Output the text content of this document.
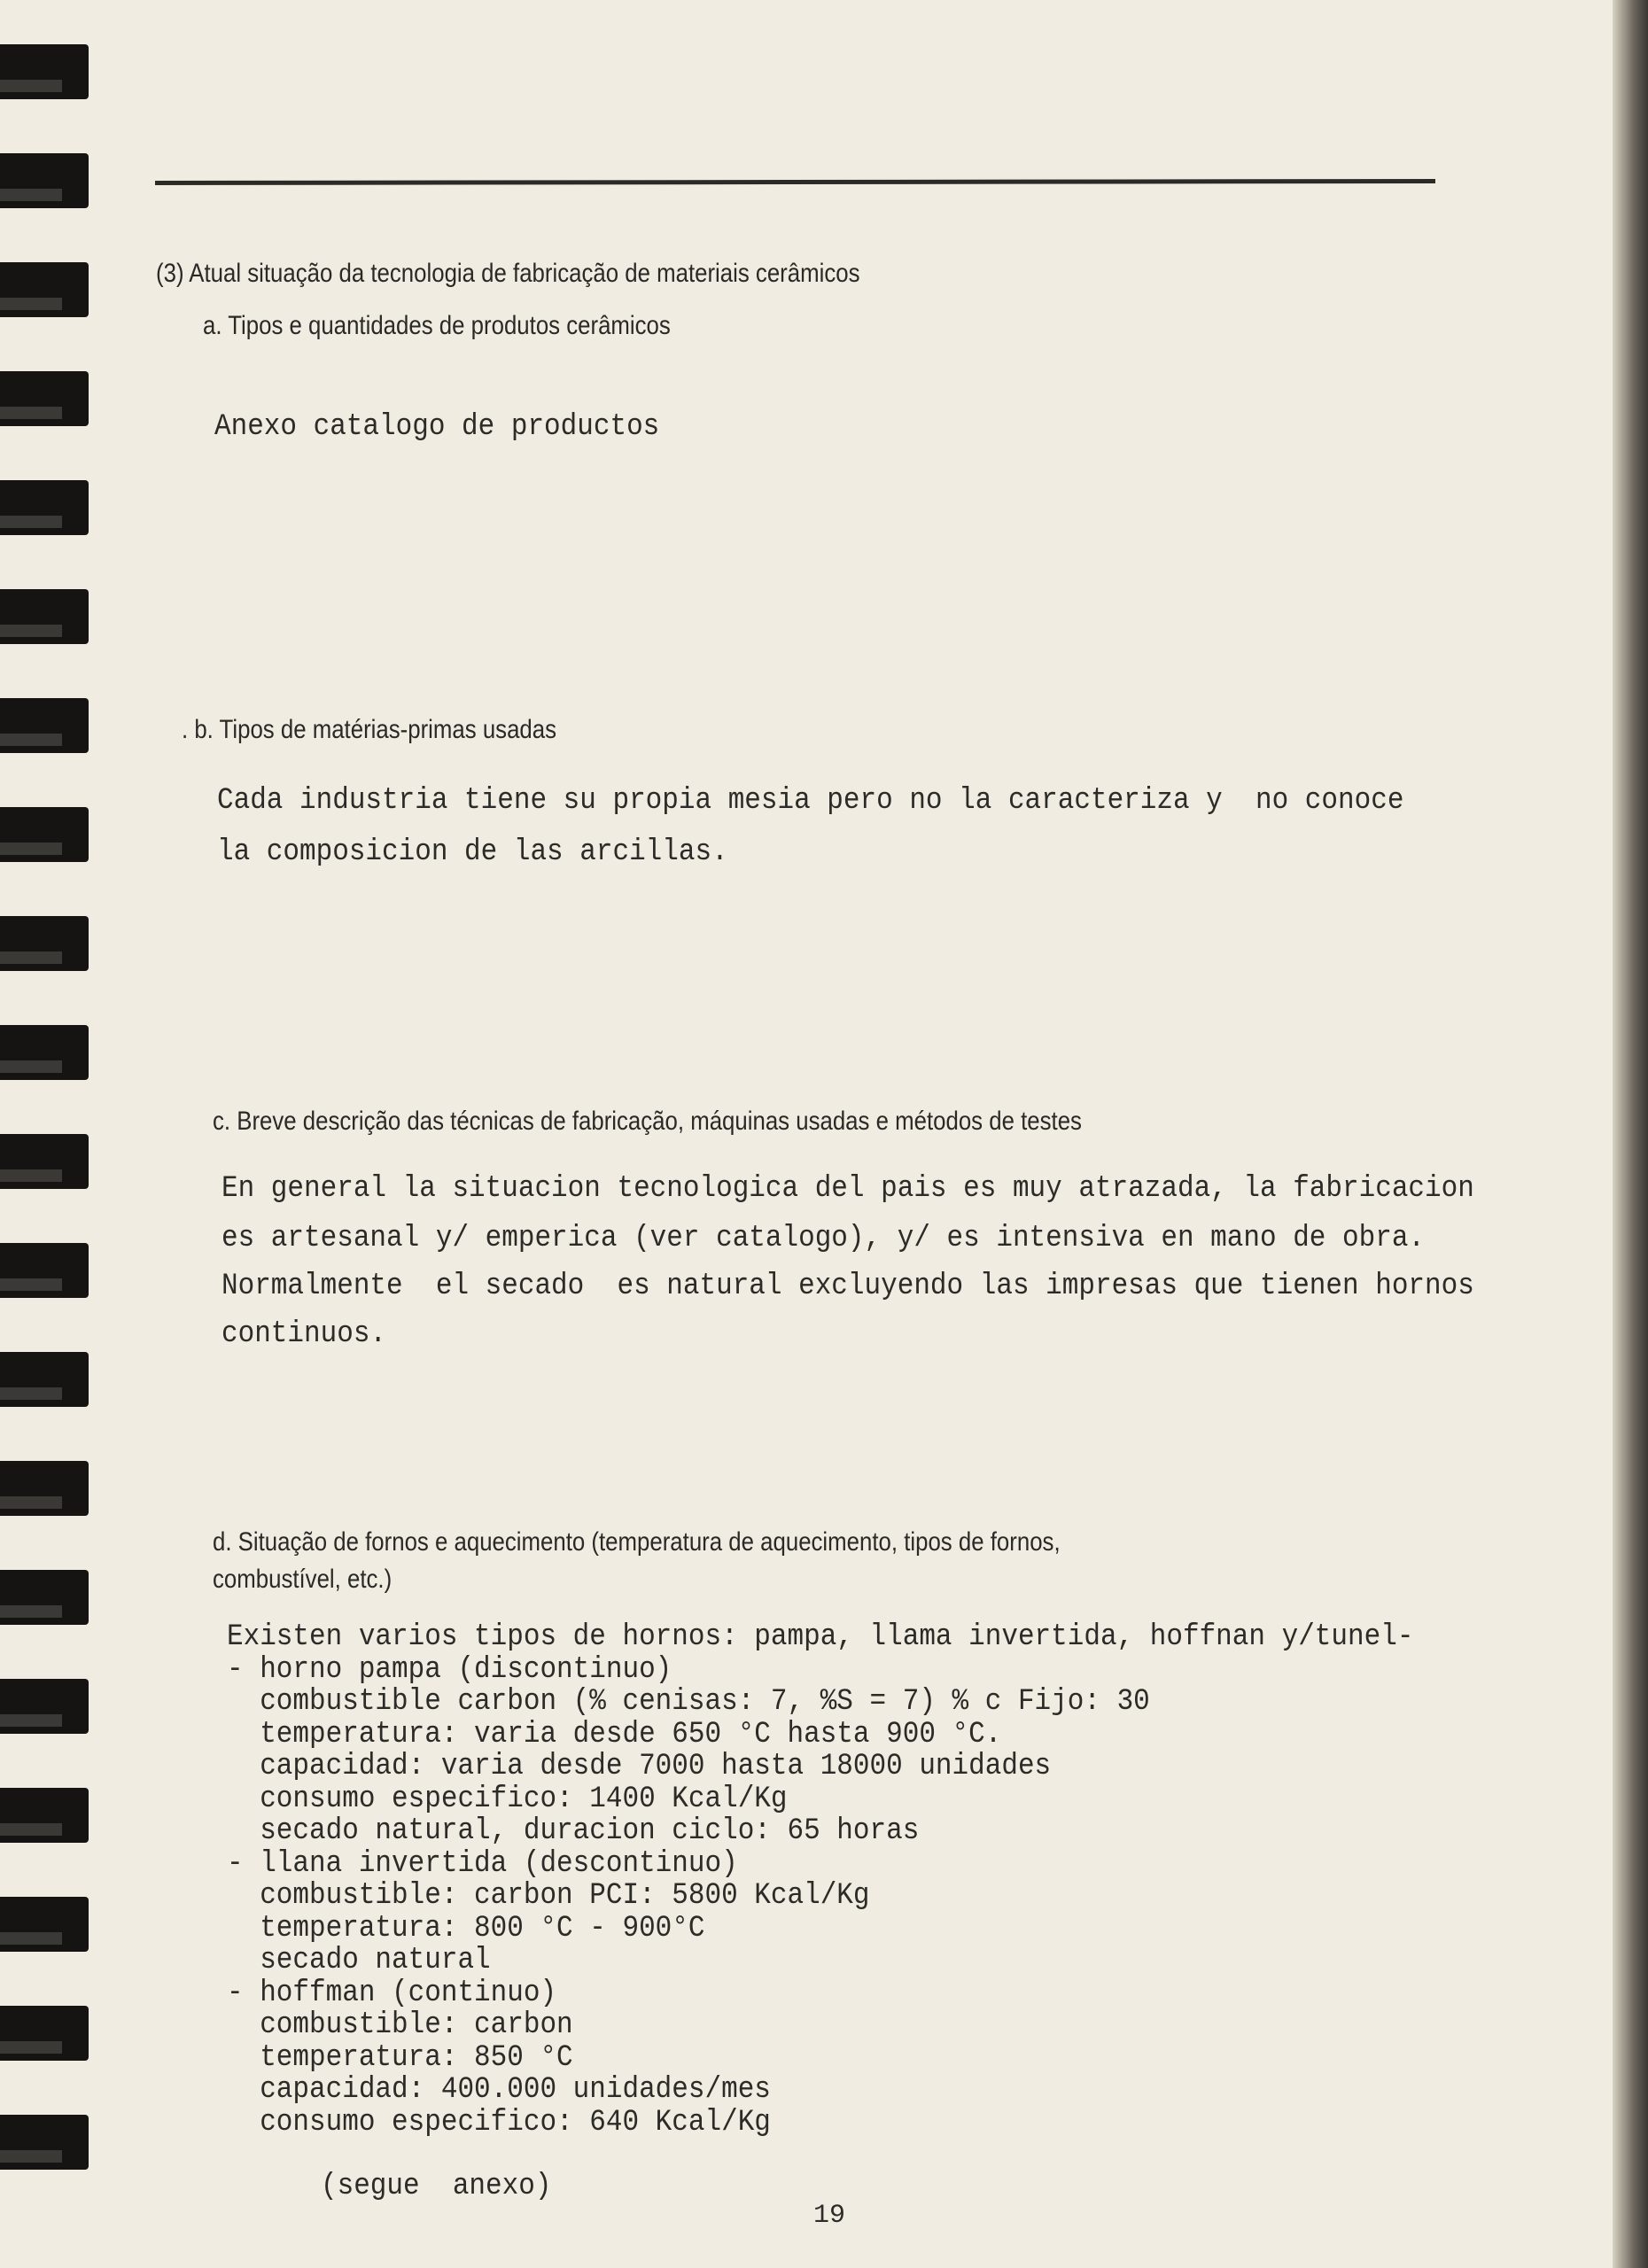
(3) Atual situação da tecnologia de fabricação de materiais cerâmicos
a. Tipos e quantidades de produtos cerâmicos
Anexo catalogo de productos
. b. Tipos de matérias-primas usadas
Cada industria tiene su propia mesia pero no la caracteriza y  no conoce
la composicion de las arcillas.
c. Breve descrição das técnicas de fabricação, máquinas usadas e métodos de testes
En general la situacion tecnologica del pais es muy atrazada, la fabricacion
es artesanal y/ emperica (ver catalogo), y/ es intensiva en mano de obra.
Normalmente  el secado  es natural excluyendo las impresas que tienen hornos
continuos.
d. Situação de fornos e aquecimento (temperatura de aquecimento, tipos de fornos,
combustível, etc.)
Existen varios tipos de hornos: pampa, llama invertida, hoffnan y/tunel-
- horno pampa (discontinuo)
combustible carbon (% cenisas: 7, %S = 7) % c Fijo: 30
temperatura: varia desde 650 °C hasta 900 °C.
capacidad: varia desde 7000 hasta 18000 unidades
consumo especifico: 1400 Kcal/Kg
secado natural, duracion ciclo: 65 horas
- llana invertida (descontinuo)
combustible: carbon PCI: 5800 Kcal/Kg
temperatura: 800 °C - 900°C
secado natural
- hoffman (continuo)
combustible: carbon
temperatura: 850 °C
capacidad: 400.000 unidades/mes
consumo especifico: 640 Kcal/Kg
(segue  anexo)
19
